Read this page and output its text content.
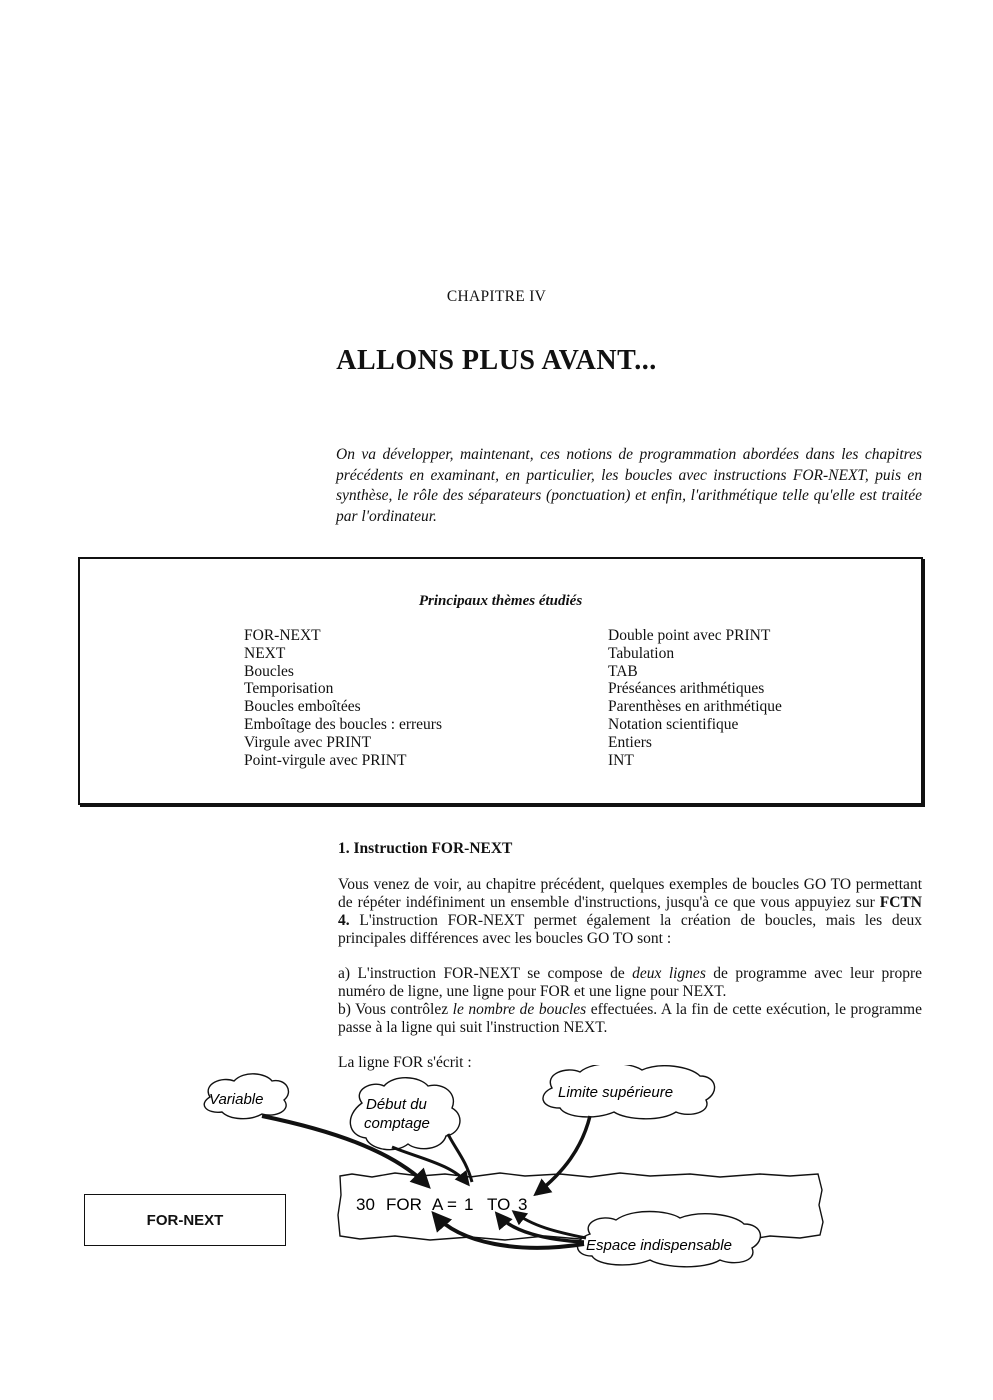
CHAPITRE IV
ALLONS PLUS AVANT...
On va développer, maintenant, ces notions de programmation abordées dans les chapitres précédents en examinant, en particulier, les boucles avec instructions FOR-NEXT, puis en synthèse, le rôle des séparateurs (ponctuation) et enfin, l'arithmétique telle qu'elle est traitée par l'ordinateur.
Principaux thèmes étudiés
FOR-NEXT
NEXT
Boucles
Temporisation
Boucles emboîtées
Emboîtage des boucles : erreurs
Virgule avec PRINT
Point-virgule avec PRINT
Double point avec PRINT
Tabulation
TAB
Préséances arithmétiques
Parenthèses en arithmétique
Notation scientifique
Entiers
INT
1. Instruction FOR-NEXT

Vous venez de voir, au chapitre précédent, quelques exemples de boucles GO TO permettant de répéter indéfiniment un ensemble d'instructions, jusqu'à ce que vous appuyiez sur FCTN 4. L'instruction FOR-NEXT permet également la création de boucles, mais les deux principales différences avec les boucles GO TO sont :

a) L'instruction FOR-NEXT se compose de deux lignes de programme avec leur propre numéro de ligne, une ligne pour FOR et une ligne pour NEXT.

b) Vous contrôlez le nombre de boucles effectuées. A la fin de cette exécution, le programme passe à la ligne qui suit l'instruction NEXT.

La ligne FOR s'écrit :

30 FOR A = 1 TO 3
Variable	Début du
comptage
Limite supérieure
Espace indispensable
FOR-NEXT
